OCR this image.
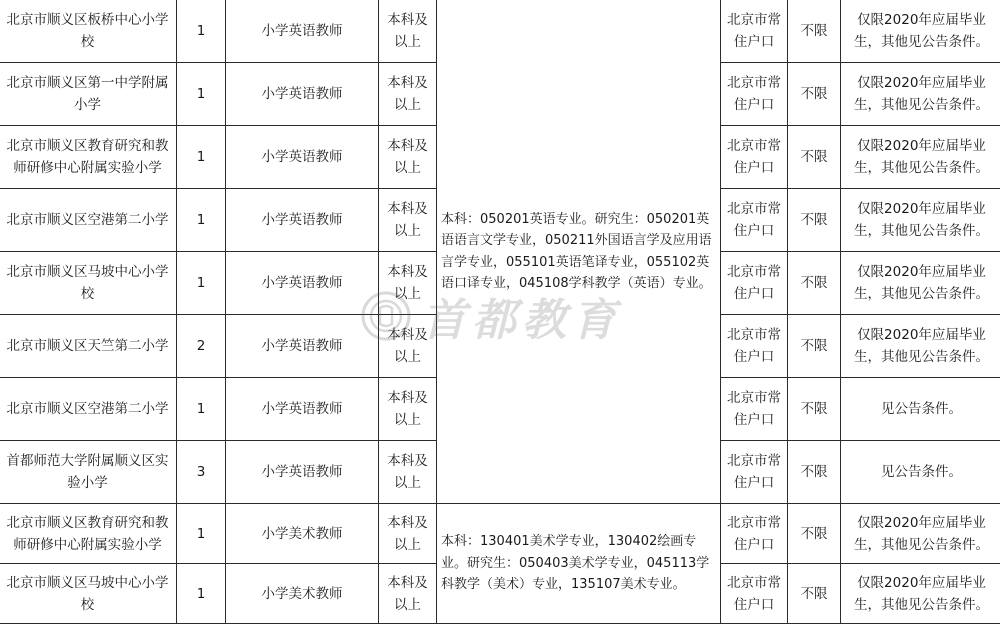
北京市顺义区板桥中心小学校	1	小学英语教师	本科及以上	本科：050201英语专业。研究生：050201英语语言文学专业，050211外国语言学及应用语言学专业，055101英语笔译专业，055102英语口译专业，045108学科教学（英语）专业。	北京市常住户口	不限	仅限2020年应届毕业生，其他见公告条件。
北京市顺义区第一中学附属小学	1	小学英语教师	本科及以上		北京市常住户口	不限	仅限2020年应届毕业生，其他见公告条件。
北京市顺义区教育研究和教师研修中心附属实验小学	1	小学英语教师	本科及以上		北京市常住户口	不限	仅限2020年应届毕业生，其他见公告条件。
北京市顺义区空港第二小学	1	小学英语教师	本科及以上		北京市常住户口	不限	仅限2020年应届毕业生，其他见公告条件。
北京市顺义区马坡中心小学校	1	小学英语教师	本科及以上		北京市常住户口	不限	仅限2020年应届毕业生，其他见公告条件。
北京市顺义区天竺第二小学	2	小学英语教师	本科及以上		北京市常住户口	不限	仅限2020年应届毕业生，其他见公告条件。
北京市顺义区空港第二小学	1	小学英语教师	本科及以上		北京市常住户口	不限	见公告条件。
首都师范大学附属顺义区实验小学	3	小学英语教师	本科及以上		北京市常住户口	不限	见公告条件。
北京市顺义区教育研究和教师研修中心附属实验小学	1	小学美术教师	本科及以上	本科：130401美术学专业，130402绘画专业。研究生：050403美术学专业，045113学科教学（美术）专业，135107美术专业。	北京市常住户口	不限	仅限2020年应届毕业生，其他见公告条件。
北京市顺义区马坡中心小学校	1	小学美术教师	本科及以上		北京市常住户口	不限	仅限2020年应届毕业生，其他见公告条件。
首都教育
